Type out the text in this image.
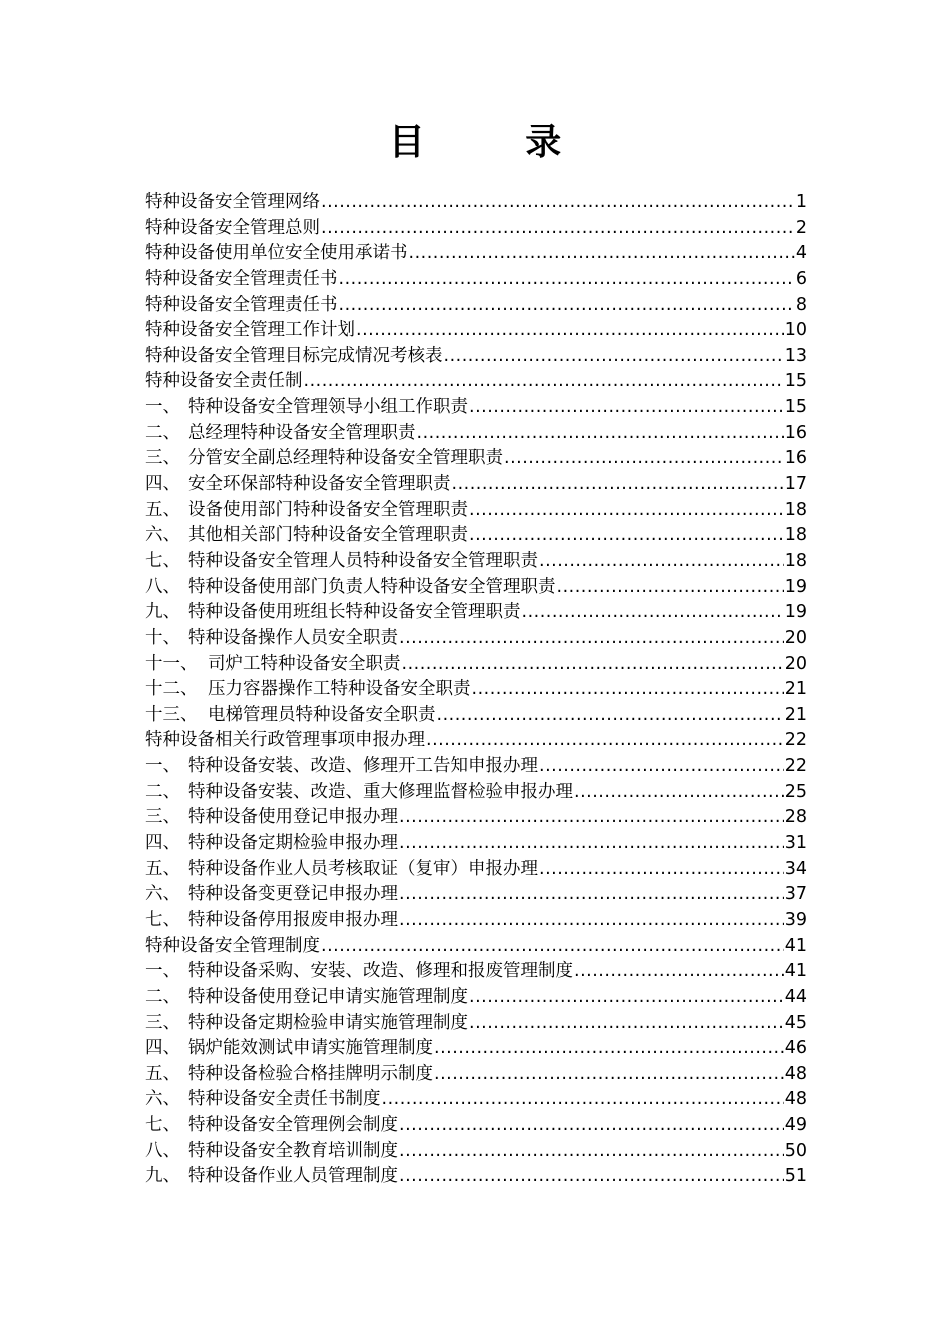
目 录
特种设备安全管理网络 .....	1
特种设备安全管理总则 .....	2
特种设备使用单位安全使用承诺书 .....	4
特种设备安全管理责任书 .....	6
特种设备安全管理责任书 .....	8
特种设备安全管理工作计划 .....	10
特种设备安全管理目标完成情况考核表 .....	13
特种设备安全责任制 .....	15
一、 特种设备安全管理领导小组工作职责 .....	15
二、 总经理特种设备安全管理职责 .....	16
三、 分管安全副总经理特种设备安全管理职责 .....	16
四、 安全环保部特种设备安全管理职责 .....	17
五、 设备使用部门特种设备安全管理职责 .....	18
六、 其他相关部门特种设备安全管理职责 .....	18
七、 特种设备安全管理人员特种设备安全管理职责 .....	18
八、 特种设备使用部门负责人特种设备安全管理职责 .....	19
九、 特种设备使用班组长特种设备安全管理职责 .....	19
十、 特种设备操作人员安全职责 .....	20
十一、 司炉工特种设备安全职责 .....	20
十二、 压力容器操作工特种设备安全职责 .....	21
十三、 电梯管理员特种设备安全职责 .....	21
特种设备相关行政管理事项申报办理 .....	22
一、 特种设备安装、改造、修理开工告知申报办理 .....	22
二、 特种设备安装、改造、重大修理监督检验申报办理 .....	25
三、 特种设备使用登记申报办理 .....	28
四、 特种设备定期检验申报办理 .....	31
五、 特种设备作业人员考核取证（复审）申报办理 .....	34
六、 特种设备变更登记申报办理 .....	37
七、 特种设备停用报废申报办理 .....	39
特种设备安全管理制度 .....	41
一、 特种设备采购、安装、改造、修理和报废管理制度 .....	41
二、 特种设备使用登记申请实施管理制度 .....	44
三、 特种设备定期检验申请实施管理制度 .....	45
四、 锅炉能效测试申请实施管理制度 .....	46
五、 特种设备检验合格挂牌明示制度 .....	48
六、 特种设备安全责任书制度 .....	48
七、 特种设备安全管理例会制度 .....	49
八、 特种设备安全教育培训制度 .....	50
九、 特种设备作业人员管理制度 .....	51
